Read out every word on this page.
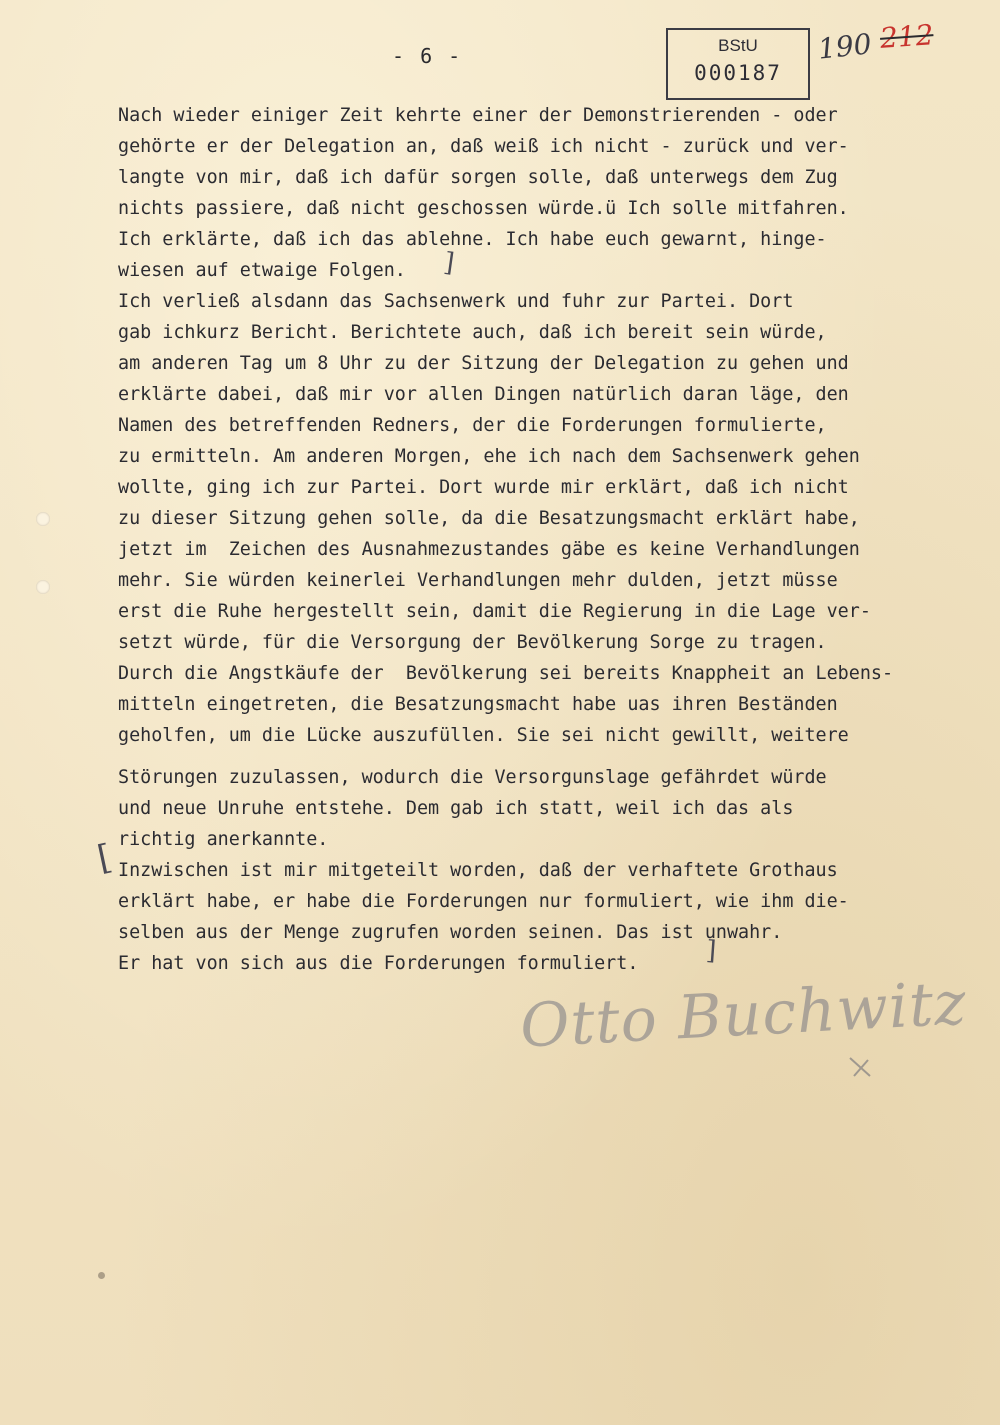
- 6 -	BStU
000187
190 212
Nach wieder einiger Zeit kehrte einer der Demonstrierenden - oder
gehörte er der Delegation an, daß weiß ich nicht - zurück und ver-
langte von mir, daß ich dafür sorgen solle, daß unterwegs dem Zug
nichts passiere, daß nicht geschossen würde.ü Ich solle mitfahren.
Ich erklärte, daß ich das ablehne. Ich habe euch gewarnt, hinge-
wiesen auf etwaige Folgen.
Ich verließ alsdann das Sachsenwerk und fuhr zur Partei. Dort
gab ichkurz Bericht. Berichtete auch, daß ich bereit sein würde,
am anderen Tag um 8 Uhr zu der Sitzung der Delegation zu gehen und
erklärte dabei, daß mir vor allen Dingen natürlich daran läge, den
Namen des betreffenden Redners, der die Forderungen formulierte,
zu ermitteln. Am anderen Morgen, ehe ich nach dem Sachsenwerk gehen
wollte, ging ich zur Partei. Dort wurde mir erklärt, daß ich nicht
zu dieser Sitzung gehen solle, da die Besatzungsmacht erklärt habe,
jetzt im  Zeichen des Ausnahmezustandes gäbe es keine Verhandlungen
mehr. Sie würden keinerlei Verhandlungen mehr dulden, jetzt müsse
erst die Ruhe hergestellt sein, damit die Regierung in die Lage ver-
setzt würde, für die Versorgung der Bevölkerung Sorge zu tragen.
Durch die Angstkäufe der  Bevölkerung sei bereits Knappheit an Lebens-
mitteln eingetreten, die Besatzungsmacht habe uas ihren Beständen
geholfen, um die Lücke auszufüllen. Sie sei nicht gewillt, weitere
Störungen zuzulassen, wodurch die Versorgunslage gefährdet würde
und neue Unruhe entstehe. Dem gab ich statt, weil ich das als
richtig anerkannte.
Inzwischen ist mir mitgeteilt worden, daß der verhaftete Grothaus
erklärt habe, er habe die Forderungen nur formuliert, wie ihm die-
selben aus der Menge zugrufen worden seinen. Das ist unwahr.
Er hat von sich aus die Forderungen formuliert.
]
[
]
Otto Buchwitz
